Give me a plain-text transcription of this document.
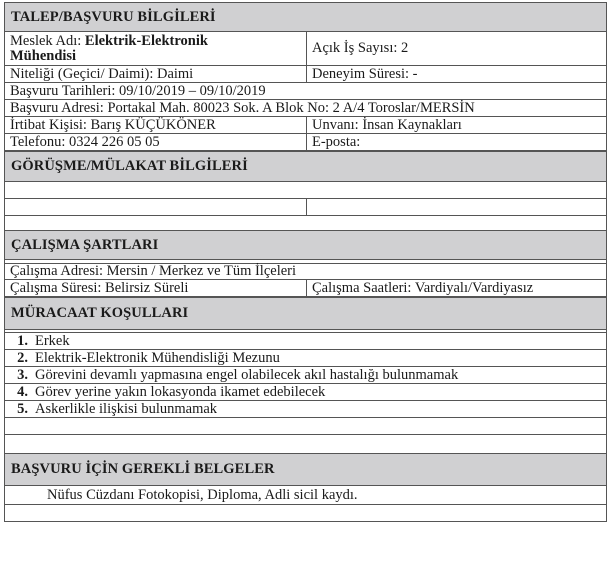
TALEP/BAŞVURU BİLGİLERİ
Meslek Adı: Elektrik-Elektronik
Mühendisi	Açık İş Sayısı: 2
Niteliği (Geçici/ Daimi): Daimi	Deneyim Süresi: -
Başvuru Tarihleri: 09/10/2019 – 09/10/2019
Başvuru Adresi: Portakal Mah. 80023 Sok. A Blok No: 2 A/4 Toroslar/MERSİN
İrtibat Kişisi: Barış KÜÇÜKÖNER	Unvanı: İnsan Kaynakları
Telefonu: 0324 226 05 05	E-posta:
GÖRÜŞME/MÜLAKAT BİLGİLERİ
ÇALIŞMA ŞARTLARI
Çalışma Adresi: Mersin / Merkez ve Tüm İlçeleri
Çalışma Süresi: Belirsiz Süreli	Çalışma Saatleri: Vardiyalı/Vardiyasız
MÜRACAAT KOŞULLARI
1. Erkek
2. Elektrik-Elektronik Mühendisliği Mezunu
3. Görevini devamlı yapmasına engel olabilecek akıl hastalığı bulunmamak
4. Görev yerine yakın lokasyonda ikamet edebilecek
5. Askerlikle ilişkisi bulunmamak
BAŞVURU İÇİN GEREKLİ BELGELER
Nüfus Cüzdanı Fotokopisi, Diploma, Adli sicil kaydı.
